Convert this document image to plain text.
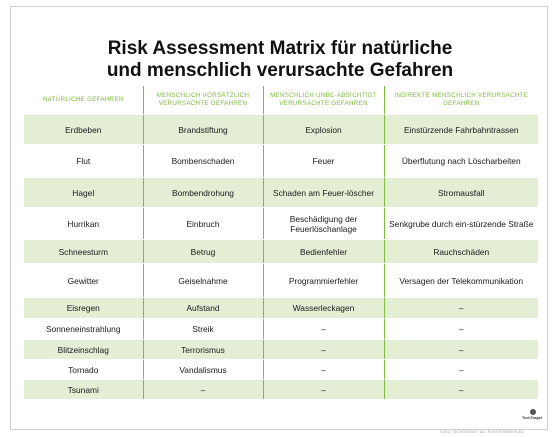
Risk Assessment Matrix für natürliche
und menschlich verursachte Gefahren
NATÜRLICHE GEFAHREN	MENSCHLICH VORSÄTZLICH VERURSACHTE GEFAHREN	MENSCHLICH UNBE-ABSICHTIGT VERURSACHTE GEFAHREN	INDIREKTE MENSCHLICH VERURSACHTE GEFAHREN
Erdbeben	Brandstiftung	Explosion	Einstürzende Fahrbahntrassen
Flut	Bombenschaden	Feuer	Überflutung nach Löscharbeiten
Hagel	Bombendrohung	Schaden am Feuer-löscher	Stromausfall
Hurrikan	Einbruch	Beschädigung der Feuerlöschanlage	Senkgrube durch ein-stürzende Straße
Schneesturm	Betrug	Bedienfehler	Rauchschäden
Gewitter	Geiselnahme	Programmierfehler	Versagen der Telekommunikation
Eisregen	Aufstand	Wasserleckagen	–
Sonneneinstrahlung	Streik	–	–
Blitzeinschlag	Terrorismus	–	–
Tornado	Vandalismus	–	–
Tsunami	–	–	–
TechTarget
©2017 TECHTARGET. ALL RIGHTS RESERVED
